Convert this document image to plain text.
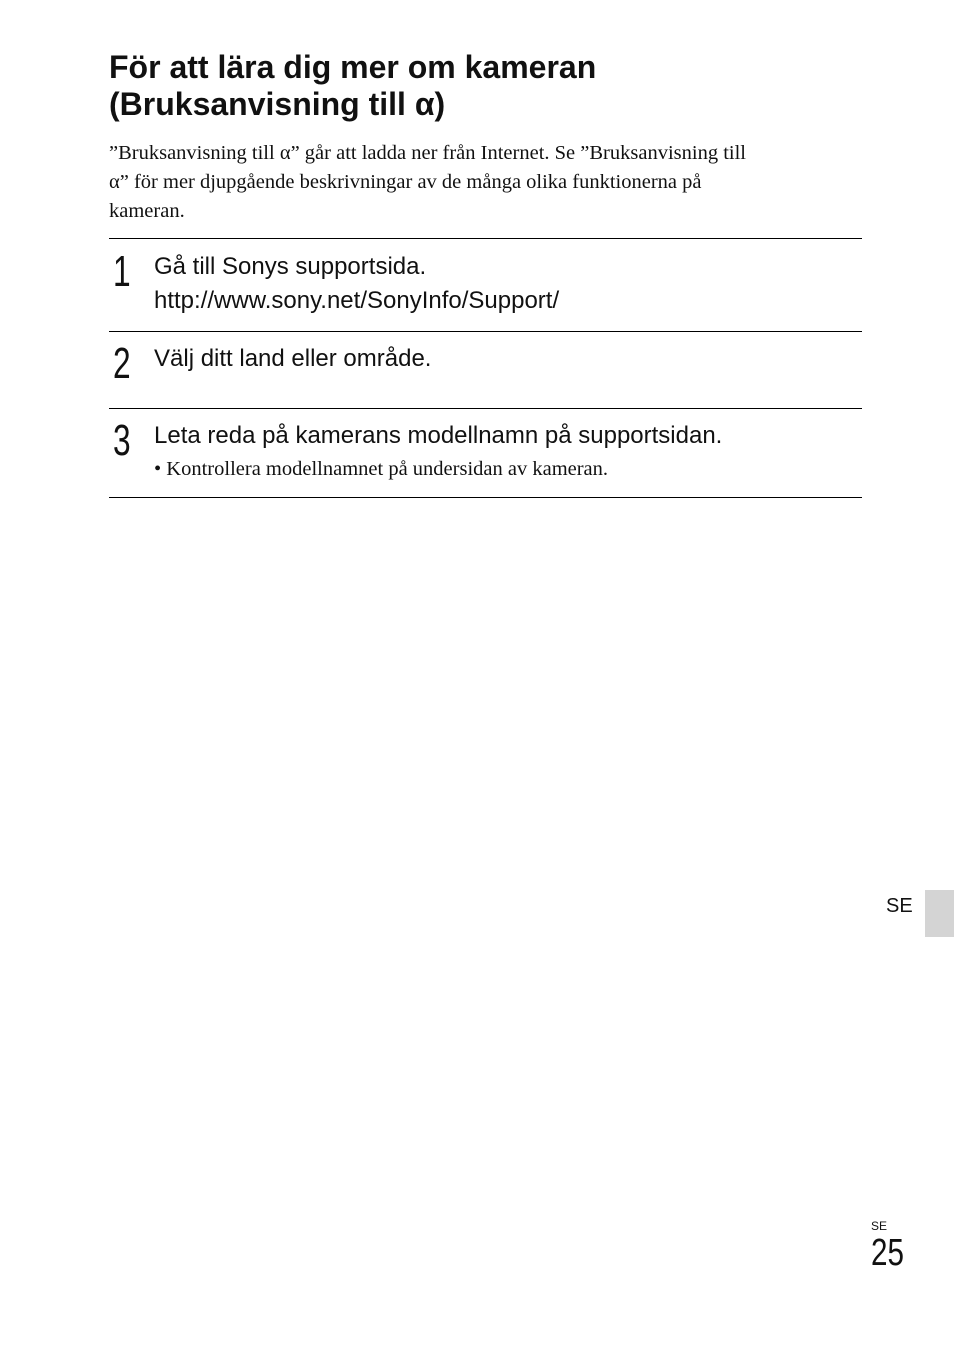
För att lära dig mer om kameran
(Bruksanvisning till α)

”Bruksanvisning till α” går att ladda ner från Internet. Se ”Bruksanvisning till
α” för mer djupgående beskrivningar av de många olika funktionerna på
kameran.

1 Gå till Sonys supportsida.
http://www.sony.net/SonyInfo/Support/
2 Välj ditt land eller område.
3 Leta reda på kamerans modellnamn på supportsidan.
• Kontrollera modellnamnet på undersidan av kameran.
SE
SE
25
